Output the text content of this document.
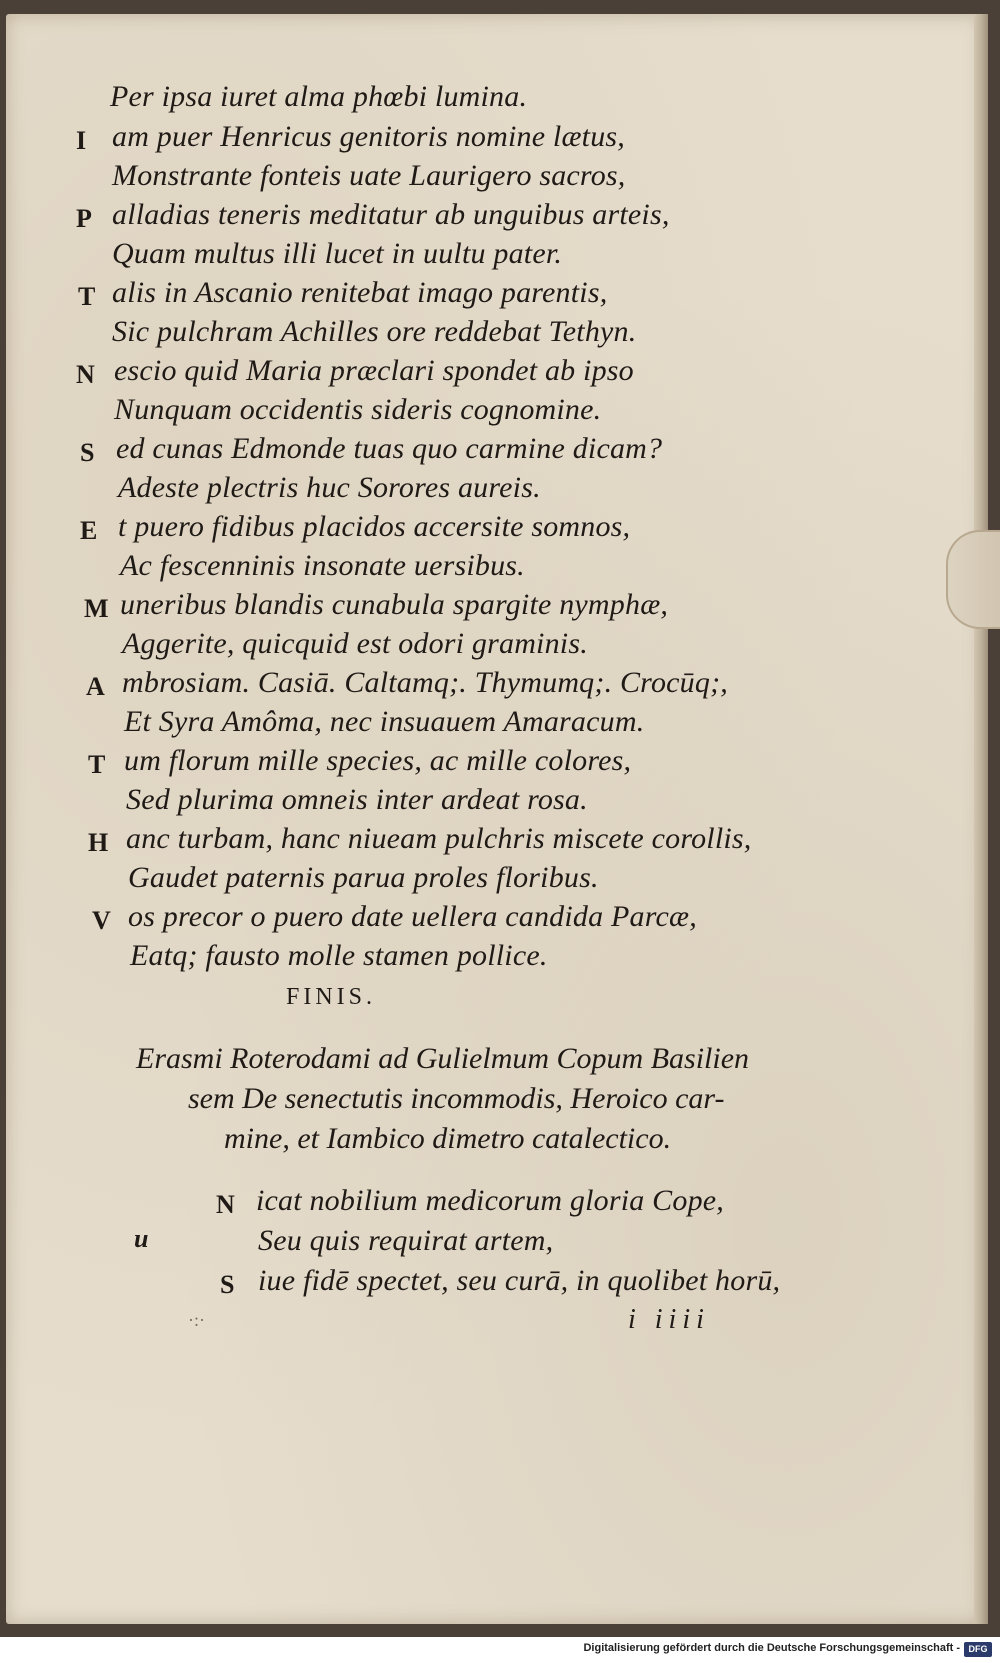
Per ipsa iuret alma phœbi lumina.
I am puer Henricus genitoris nomine lætus,
Monstrante fonteis uate Laurigero sacros,
P alladias teneris meditatur ab unguibus arteis,
Quam multus illi lucet in uultu pater.
T alis in Ascanio renitebat imago parentis,
Sic pulchram Achilles ore reddebat Tethyn.
N escio quid Maria præclari spondet ab ipso
Nunquam occidentis sideris cognomine.
S ed cunas Edmonde tuas quo carmine dicam?
Adeste plectris huc Sorores aureis.
E t puero fidibus placidos accersite somnos,
Ac fescenninis insonate uersibus.
M uneribus blandis cunabula spargite nymphæ,
Aggerite, quicquid est odori graminis.
A mbrosiam. Casiā. Caltamq;. Thymumq;. Crocūq;,
Et Syra Amôma, nec insuauem Amaracum.
T um florum mille species, ac mille colores,
Sed plurima omneis inter ardeat rosa.
H anc turbam, hanc niueam pulchris miscete corollis,
Gaudet paternis parua proles floribus.
V os precor o puero date uellera candida Parcæ,
Eatq; fausto molle stamen pollice.
FINIS.
Erasmi Roterodami ad Gulielmum Copum Basilien
sem De senectutis incommodis, Heroico car-
mine, et Iambico dimetro catalectico.
u
N icat nobilium medicorum gloria Cope,
Seu quis requirat artem,
S iue fidē spectet, seu curā, in quolibet horū,
i iiii
·:·
Digitalisierung gefördert durch die Deutsche Forschungsgemeinschaft - DFG
